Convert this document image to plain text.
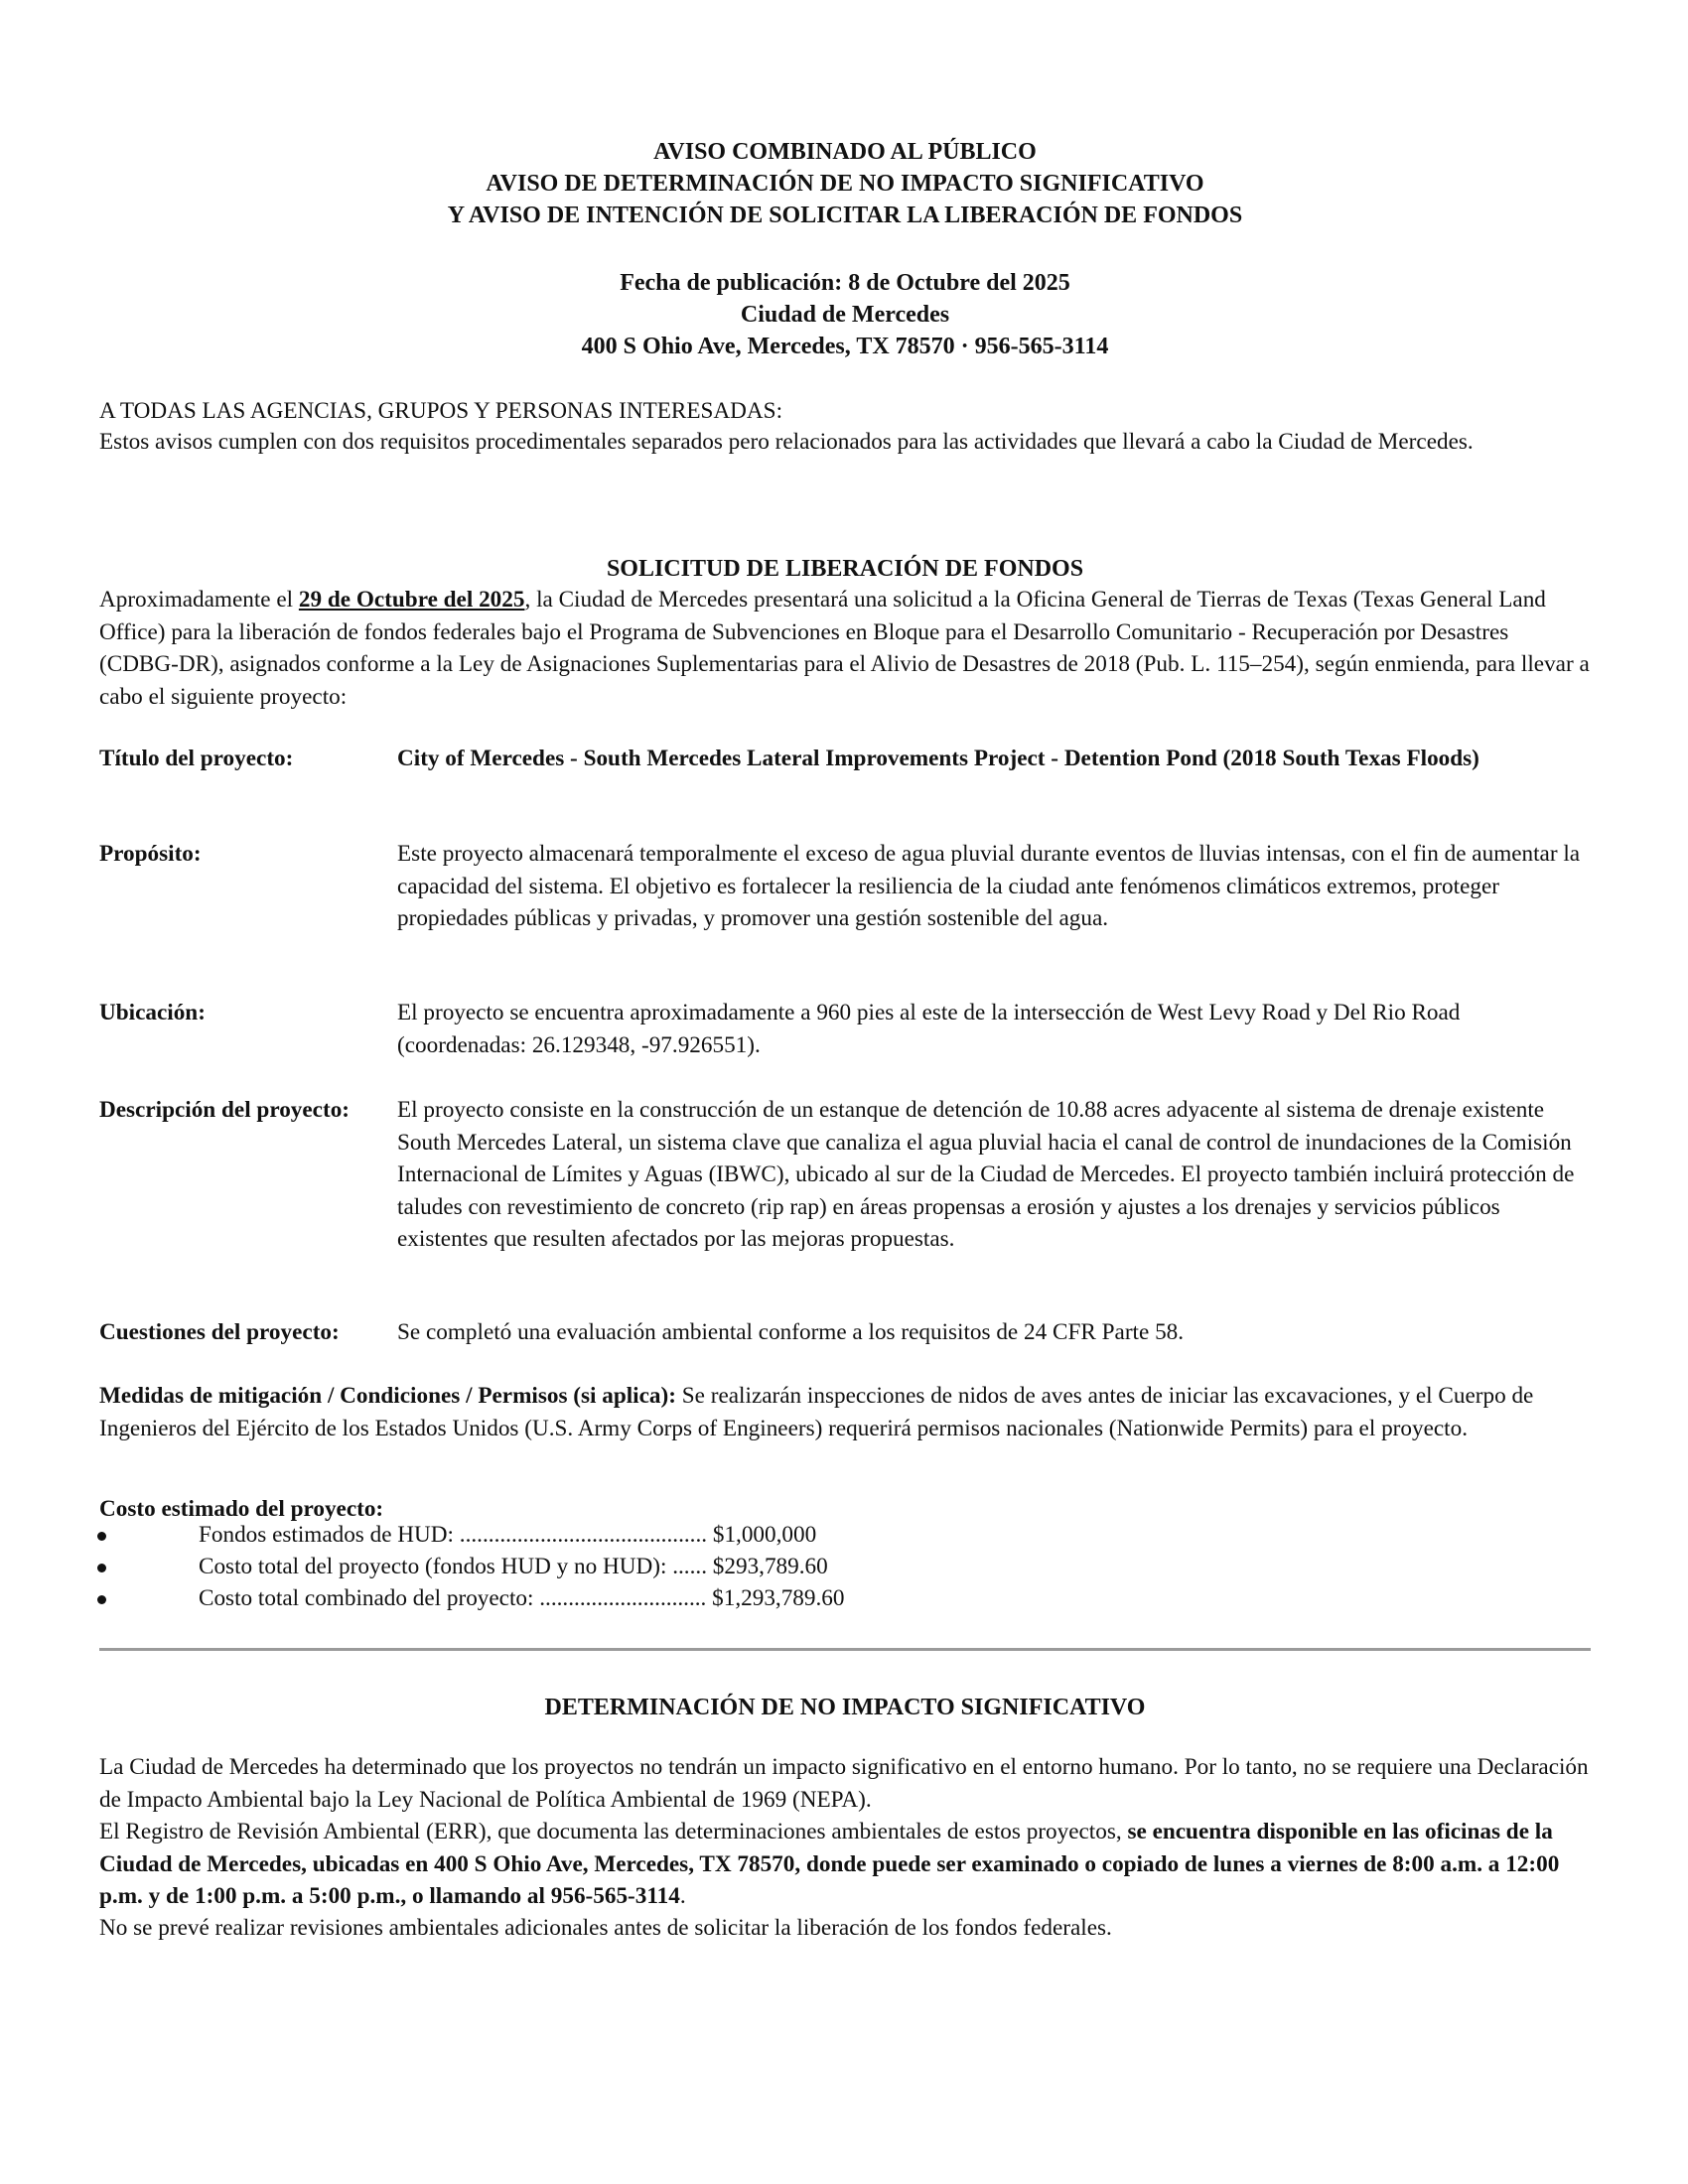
AVISO COMBINADO AL PÚBLICO
AVISO DE DETERMINACIÓN DE NO IMPACTO SIGNIFICATIVO
Y AVISO DE INTENCIÓN DE SOLICITAR LA LIBERACIÓN DE FONDOS
Fecha de publicación: 8 de Octubre del 2025
Ciudad de Mercedes
400 S Ohio Ave, Mercedes, TX 78570 · 956-565-3114
A TODAS LAS AGENCIAS, GRUPOS Y PERSONAS INTERESADAS:
Estos avisos cumplen con dos requisitos procedimentales separados pero relacionados para las actividades que llevará a cabo la Ciudad de Mercedes.
SOLICITUD DE LIBERACIÓN DE FONDOS
Aproximadamente el 29 de Octubre del 2025, la Ciudad de Mercedes presentará una solicitud a la Oficina General de Tierras de Texas (Texas General Land Office) para la liberación de fondos federales bajo el Programa de Subvenciones en Bloque para el Desarrollo Comunitario - Recuperación por Desastres (CDBG-DR), asignados conforme a la Ley de Asignaciones Suplementarias para el Alivio de Desastres de 2018 (Pub. L. 115–254), según enmienda, para llevar a cabo el siguiente proyecto:
Título del proyecto:	City of Mercedes - South Mercedes Lateral Improvements Project - Detention Pond (2018 South Texas Floods)
Propósito:	Este proyecto almacenará temporalmente el exceso de agua pluvial durante eventos de lluvias intensas, con el fin de aumentar la capacidad del sistema. El objetivo es fortalecer la resiliencia de la ciudad ante fenómenos climáticos extremos, proteger propiedades públicas y privadas, y promover una gestión sostenible del agua.
Ubicación:	El proyecto se encuentra aproximadamente a 960 pies al este de la intersección de West Levy Road y Del Rio Road (coordenadas: 26.129348, -97.926551).
Descripción del proyecto:	El proyecto consiste en la construcción de un estanque de detención de 10.88 acres adyacente al sistema de drenaje existente South Mercedes Lateral, un sistema clave que canaliza el agua pluvial hacia el canal de control de inundaciones de la Comisión Internacional de Límites y Aguas (IBWC), ubicado al sur de la Ciudad de Mercedes. El proyecto también incluirá protección de taludes con revestimiento de concreto (rip rap) en áreas propensas a erosión y ajustes a los drenajes y servicios públicos existentes que resulten afectados por las mejoras propuestas.
Cuestiones del proyecto:	Se completó una evaluación ambiental conforme a los requisitos de 24 CFR Parte 58.
Medidas de mitigación / Condiciones / Permisos (si aplica): Se realizarán inspecciones de nidos de aves antes de iniciar las excavaciones, y el Cuerpo de Ingenieros del Ejército de los Estados Unidos (U.S. Army Corps of Engineers) requerirá permisos nacionales (Nationwide Permits) para el proyecto.
Costo estimado del proyecto:
Fondos estimados de HUD: ........................................... $1,000,000
Costo total del proyecto (fondos HUD y no HUD): ...... $293,789.60
Costo total combinado del proyecto: ............................. $1,293,789.60
DETERMINACIÓN DE NO IMPACTO SIGNIFICATIVO
La Ciudad de Mercedes ha determinado que los proyectos no tendrán un impacto significativo en el entorno humano. Por lo tanto, no se requiere una Declaración de Impacto Ambiental bajo la Ley Nacional de Política Ambiental de 1969 (NEPA).
El Registro de Revisión Ambiental (ERR), que documenta las determinaciones ambientales de estos proyectos, se encuentra disponible en las oficinas de la Ciudad de Mercedes, ubicadas en 400 S Ohio Ave, Mercedes, TX 78570, donde puede ser examinado o copiado de lunes a viernes de 8:00 a.m. a 12:00 p.m. y de 1:00 p.m. a 5:00 p.m., o llamando al 956-565-3114.
No se prevé realizar revisiones ambientales adicionales antes de solicitar la liberación de los fondos federales.
